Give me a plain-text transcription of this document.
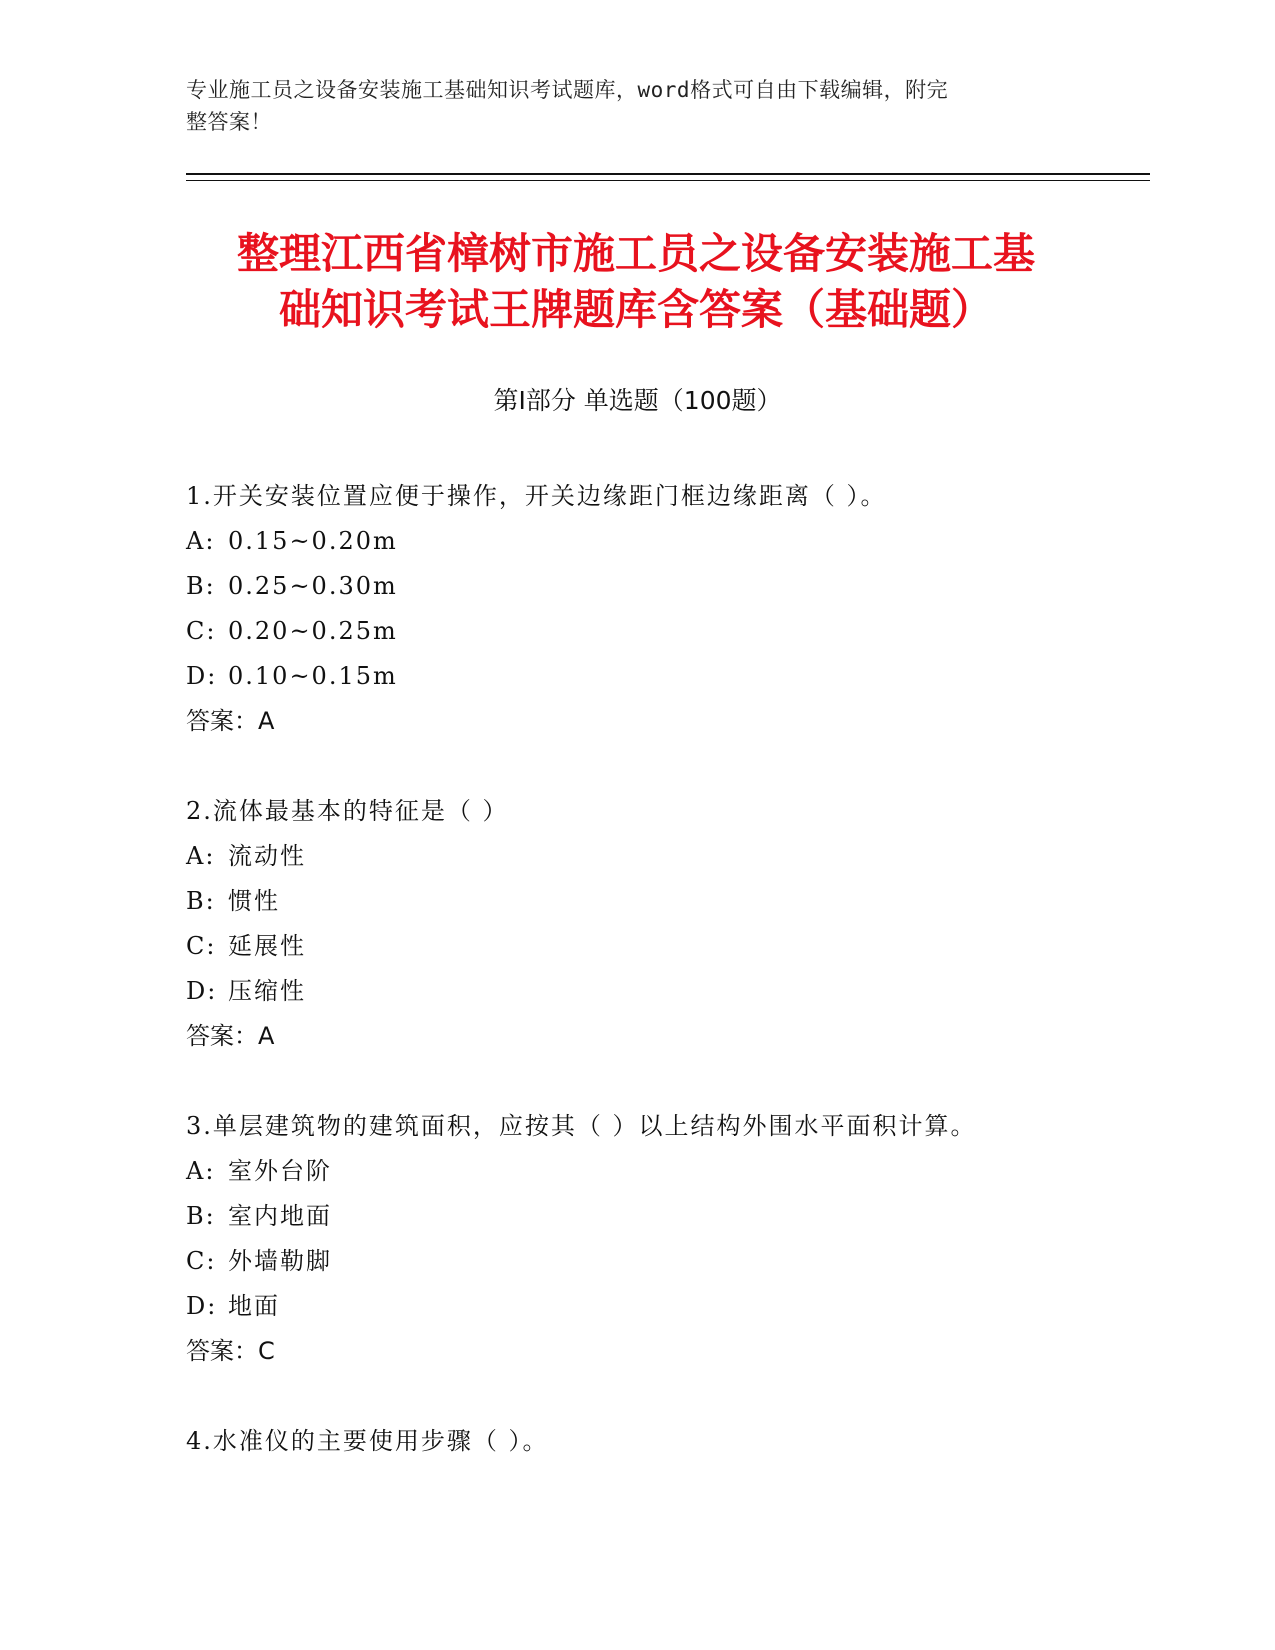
专业施工员之设备安装施工基础知识考试题库，word格式可自由下载编辑，附完
整答案！
整理江西省樟树市施工员之设备安装施工基
础知识考试王牌题库含答案（基础题）
第Ⅰ部分 单选题（100题）
1.开关安装位置应便于操作，开关边缘距门框边缘距离（ ）。
A: 0.15~0.20m
B: 0.25~0.30m
C: 0.20~0.25m
D: 0.10~0.15m
答案：A
2.流体最基本的特征是（ ）
A: 流动性
B: 惯性
C: 延展性
D: 压缩性
答案：A
3.单层建筑物的建筑面积，应按其（ ）以上结构外围水平面积计算。
A: 室外台阶
B: 室内地面
C: 外墙勒脚
D: 地面
答案：C
4.水准仪的主要使用步骤（ ）。
